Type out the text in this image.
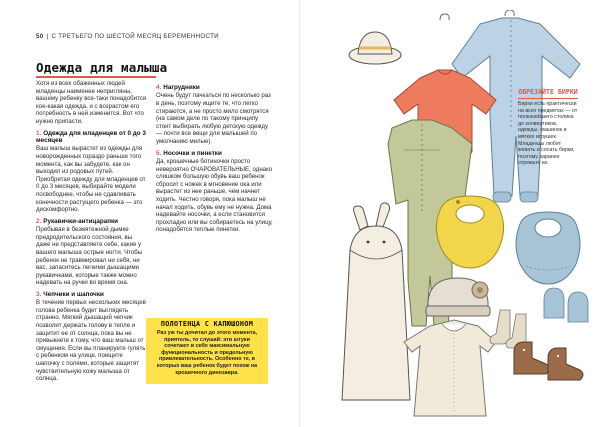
50 | С ТРЕТЬЕГО ПО ШЕСТОЙ МЕСЯЦ БЕРЕМЕННОСТИ
Одежда для малыша

Хотя из всех обаженных людей младенцы наименее непригляны, вашему ребенку все-таки понадобится кое-какая одежда, и с возрастом его потребность в ней изменится. Вот что нужно припасти.

1. Одежда для младенцев от 0 до 3 месяцев

Ваш малыш вырастет из одежды для новорожденных гораздо раньше того момента, как вы забудете, как он выходил из родовых путей. Приобретая одежду для младенцев от 0 до 3 месяцев, выбирайте модели посвободнее, чтобы не сдавливать конечности растущего ребенка — это дискомфортно.

2. Рукавички-антицарапки

Пребывая в безмятежной дымке предродительского состояния, вы даже не представляете себе, какие у вашего малыша острые ногти. Чтобы ребенок не травмировал ни себя, ни вас, запаситесь легкими дышащими рукавичками, которые также можно надевать на ручки во время сна.

3. Чепчики и шапочки

В течение первых нескольких месяцев голова ребенка будет выглядеть странно. Мягкий дышащий чепчик позволит держать голову в тепле и защитит ее от солнца, пока вы не привыкнете к тому, что ваш малыш от смущения. Если вы планируете гулять с ребенком на улице, поищите шапочку с полями, которые защитят чувствительную кожу малыша от солнца.

4. Нагрудники

Очень будут пачкаться по несколько раз в день, поэтому ищите те, что легко стираются, а не просто мило смотрятся (на самом деле по такому принципу стоит выбирать любую детскую одежду — почти все вещи для малышей по умолчанию милые).

5. Носочки и пинетки

Да, крошечные ботиночки просто невероятно ОЧАРОВАТЕЛЬНЫЕ, однако слишком большую обувь ваш ребенок сбросит с ножек в мгновение ока или вырастет из нее раньше, чем начнет ходить. Честно говоря, пока малыш не начал ходить, обувь ему не нужна. Дома надевайте носочки, а если становится прохладно или вы собираетесь на улицу, понадобятся теплые пинетки.

ПОЛОТЕНЦА С КАПЮШОНОМ
Раз уж ты дочитал до этого момента, приятель, то слушай: эти штуки сочетают в себе максимальную функциональность и предельную привлекательность. Особенно те, в которых ваш ребенок будет похож на крошечного динозавра.
ОБРЕЗАЙТЕ БИРКИ
Бирки есть практически на всех предметах — от полезнейшего столика до конвертиков, одежды, машинок и мягких игрушек. Младенцы любят жевать и сосать бирки, поэтому заранее отрежьте их.
